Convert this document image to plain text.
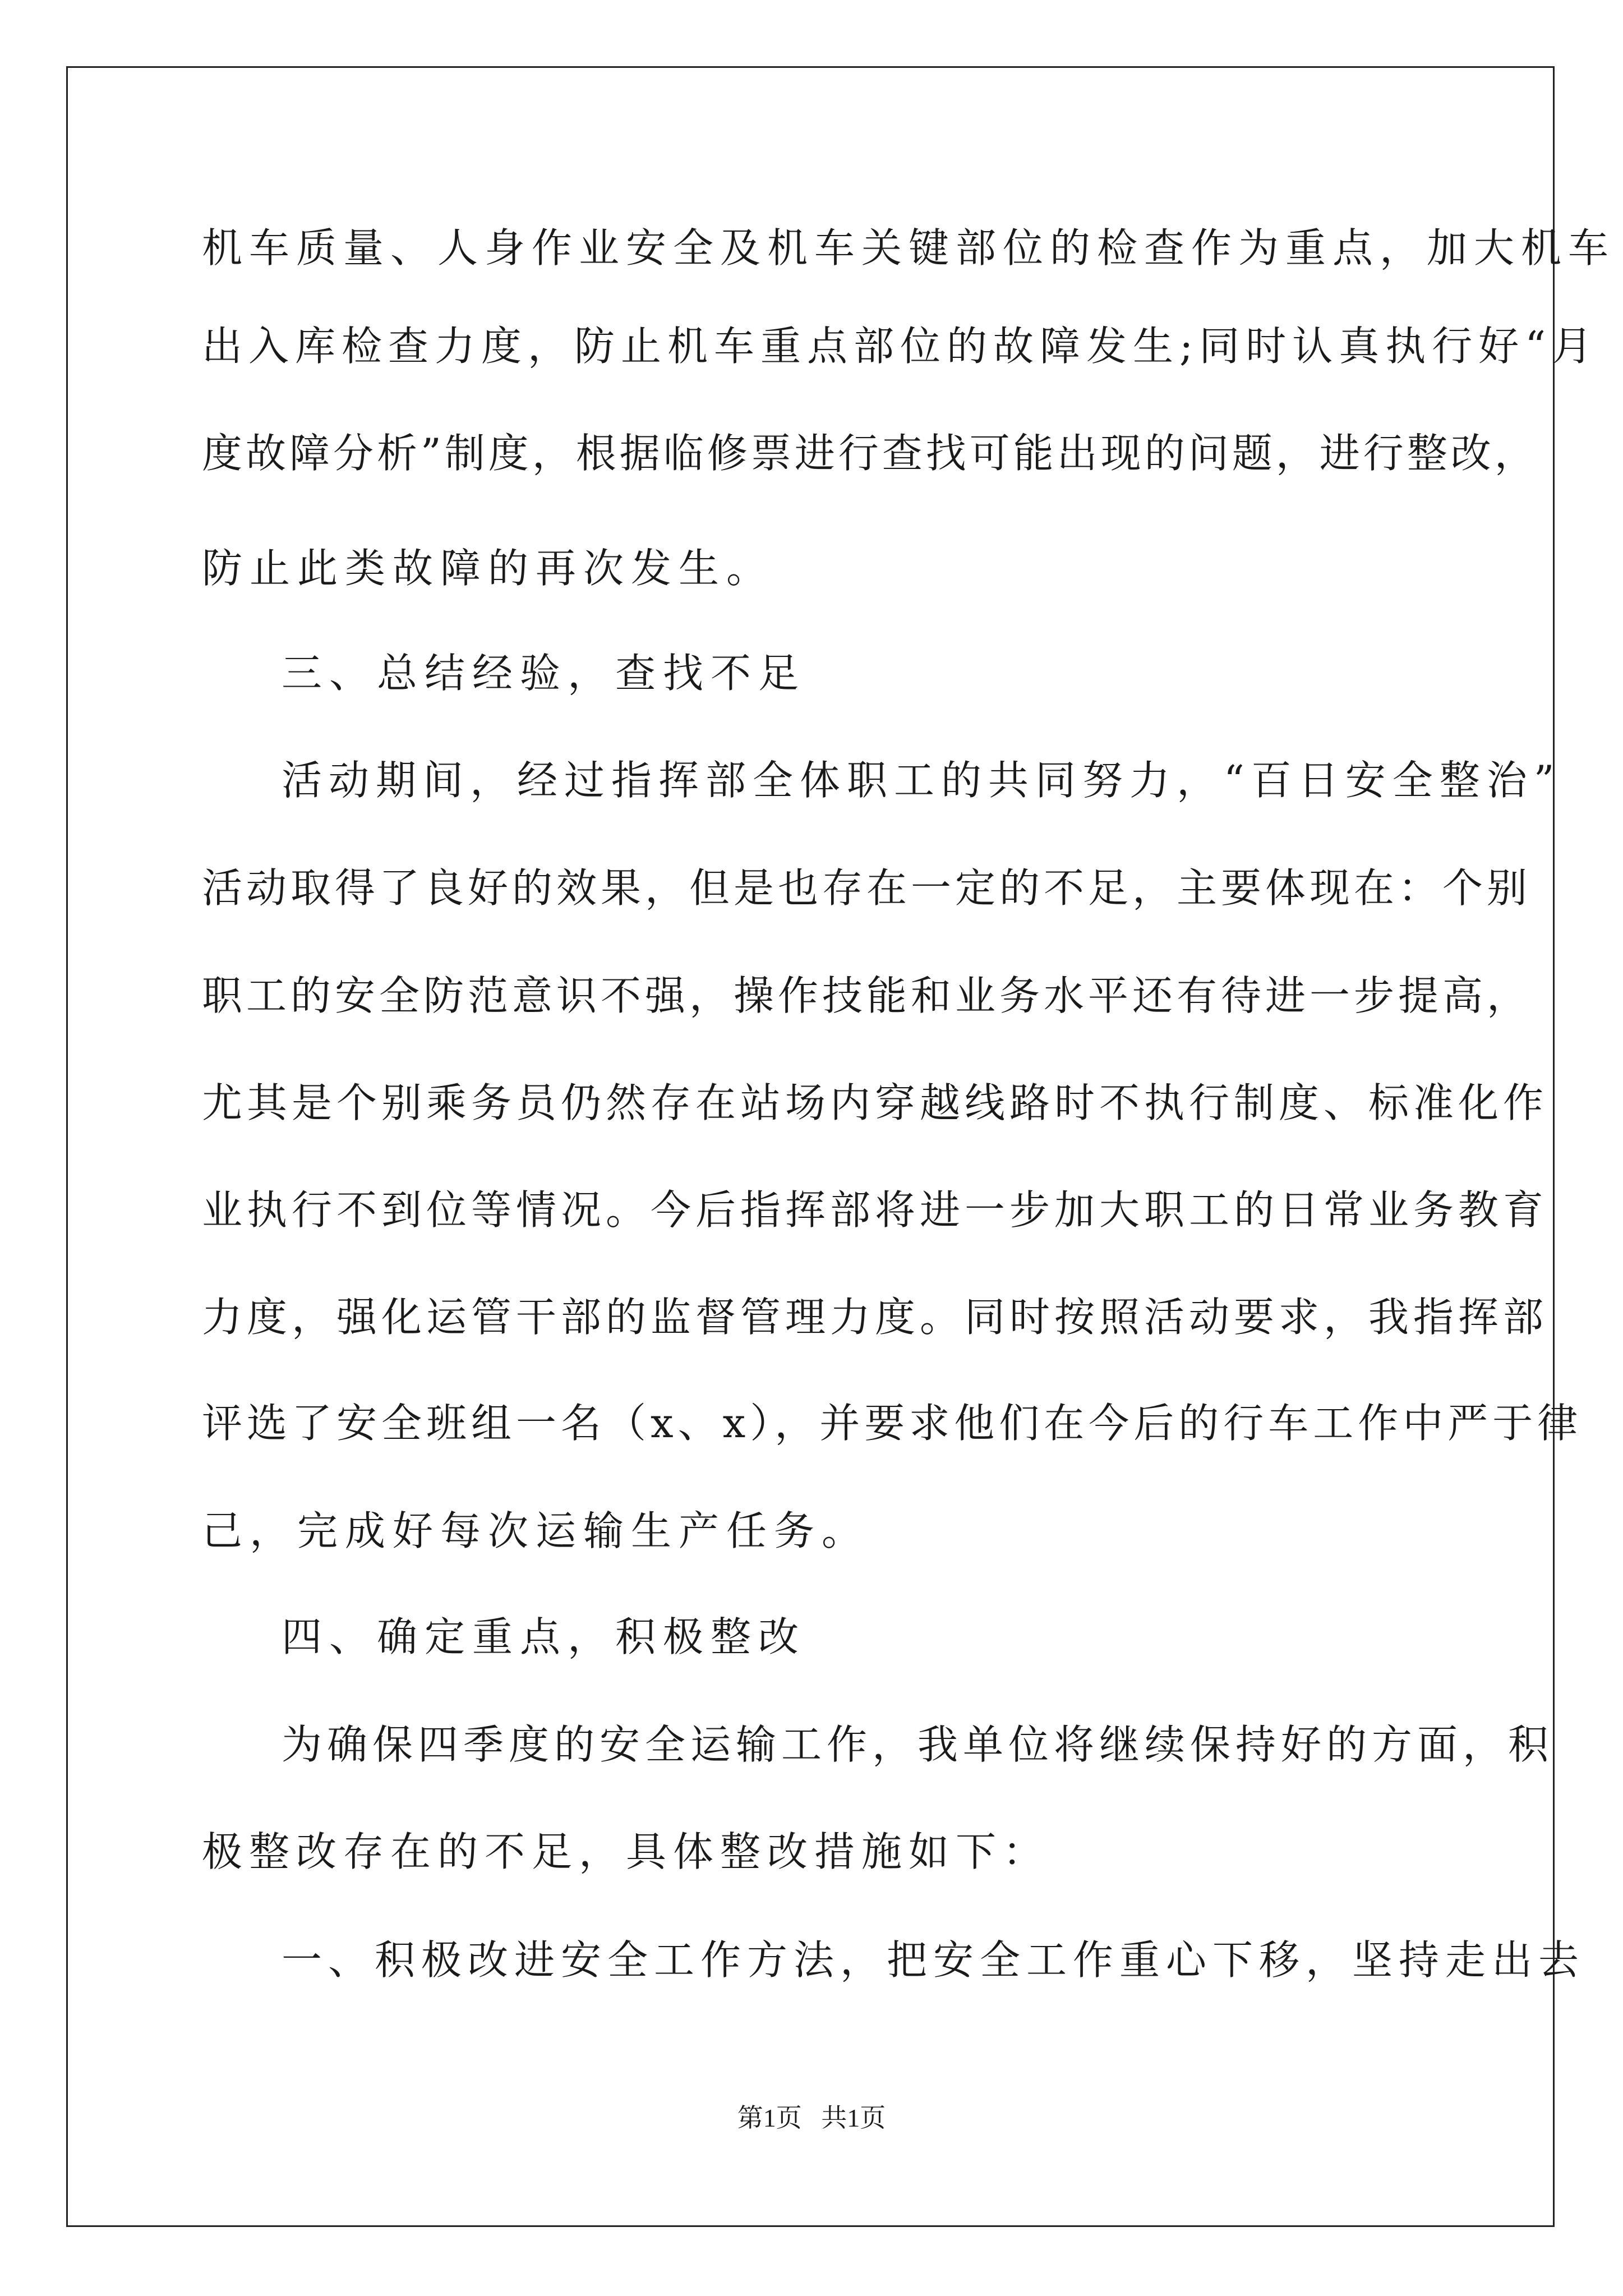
机车质量、人身作业安全及机车关键部位的检查作为重点，加大机车
出入库检查力度，防止机车重点部位的故障发生;同时认真执行好“月
度故障分析”制度，根据临修票进行查找可能出现的问题，进行整改，
防止此类故障的再次发生。
三、总结经验，查找不足
活动期间，经过指挥部全体职工的共同努力，“百日安全整治”
活动取得了良好的效果，但是也存在一定的不足，主要体现在：个别
职工的安全防范意识不强，操作技能和业务水平还有待进一步提高，
尤其是个别乘务员仍然存在站场内穿越线路时不执行制度、标准化作
业执行不到位等情况。今后指挥部将进一步加大职工的日常业务教育
力度，强化运管干部的监督管理力度。同时按照活动要求，我指挥部
评选了安全班组一名（x、x），并要求他们在今后的行车工作中严于律
己，完成好每次运输生产任务。
四、确定重点，积极整改
为确保四季度的安全运输工作，我单位将继续保持好的方面，积
极整改存在的不足，具体整改措施如下：
一、积极改进安全工作方法，把安全工作重心下移，坚持走出去
第1页   共1页
